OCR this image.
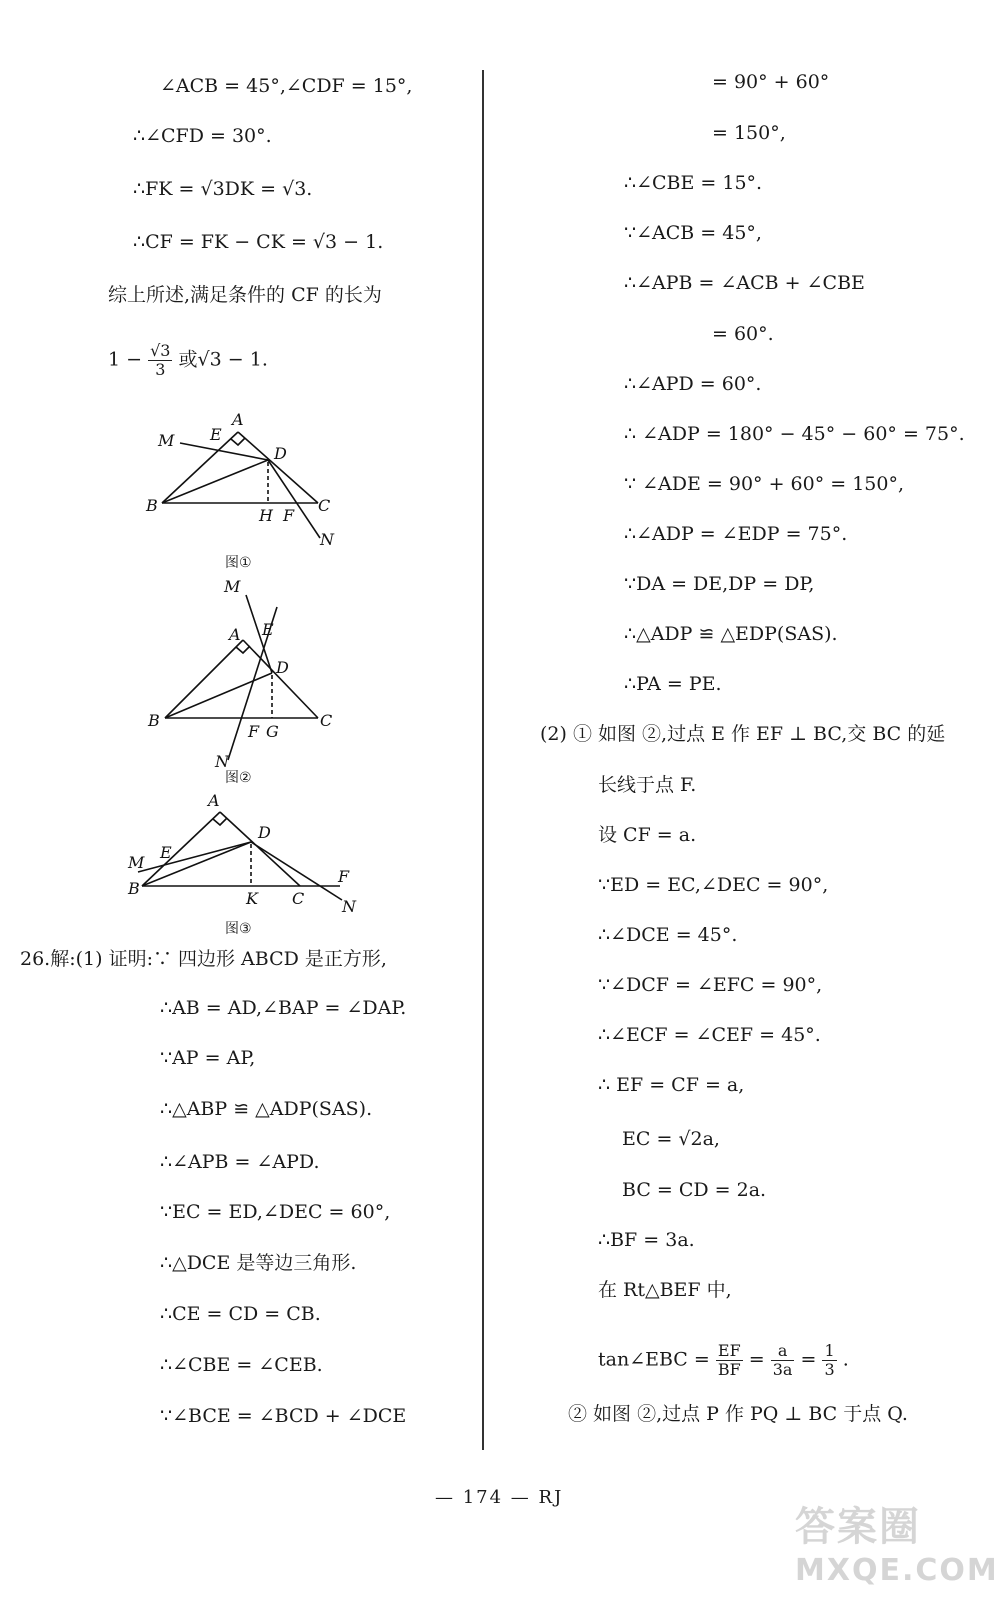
∠ACB = 45°,∠CDF = 15°,
∴∠CFD = 30°.
∴FK = √3DK = √3.
∴CF = FK − CK = √3 − 1.
综上所述,满足条件的 CF 的长为
26.解:(1) 证明:∵ 四边形 ABCD 是正方形,
∴AB = AD,∠BAP = ∠DAP.
∵AP = AP,
∴△ABP ≌ △ADP(SAS).
∴∠APB = ∠APD.
∵EC = ED,∠DEC = 60°,
∴△DCE 是等边三角形.
∴CE = CD = CB.
∴∠CBE = ∠CEB.
∵∠BCE = ∠BCD + ∠DCE
= 90° + 60°
= 150°,
∴∠CBE = 15°.
∵∠ACB = 45°,
∴∠APB = ∠ACB + ∠CBE
= 60°.
∴∠APD = 60°.
∴ ∠ADP = 180° − 45° − 60° = 75°.
∵ ∠ADE = 90° + 60° = 150°,
∴∠ADP = ∠EDP = 75°.
∵DA = DE,DP = DP,
∴△ADP ≌ △EDP(SAS).
∴PA = PE.
(2) ① 如图 ②,过点 E 作 EF ⊥ BC,交 BC 的延
长线于点 F.
设 CF = a.
∵ED = EC,∠DEC = 90°,
∴∠DCE = 45°.
∵∠DCF = ∠EFC = 90°,
∴∠ECF = ∠CEF = 45°.
∴ EF = CF = a,
EC = √2a,
BC = CD = 2a.
∴BF = 3a.
在 Rt△BEF 中,
② 如图 ②,过点 P 作 PQ ⊥ BC 于点 Q.
$1 - \frac{√3}{3}$ 或√3 − 1.
tan∠EBC = $\frac{EF}{BF} = \frac{a}{3a} = \frac{1}{3}$ .
A
M E
D
B
H F
C
N
图①
M
A E
D
B
F G
C
N
图②
A
D
M
E
B
K C
F
N
图③
— 174 — RJ
答案圈
MXQE.COM
